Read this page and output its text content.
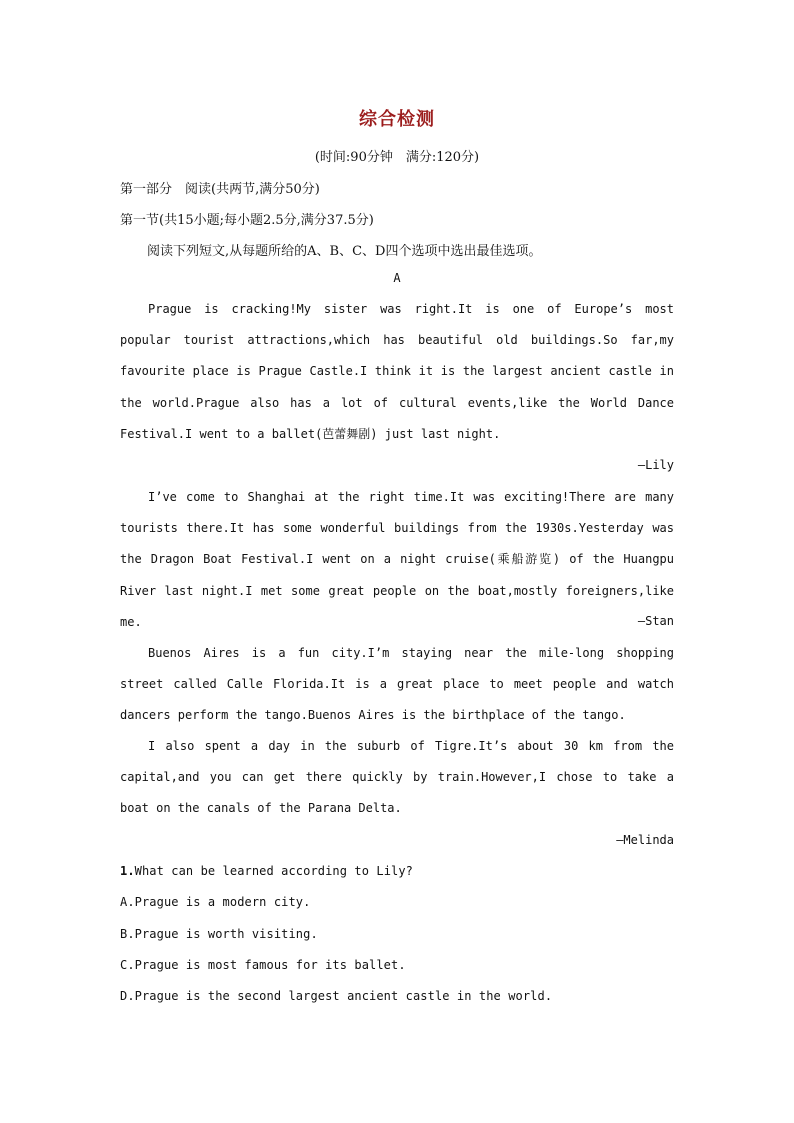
综合检测
(时间:90分钟　满分:120分)
第一部分　阅读(共两节,满分50分)
第一节(共15小题;每小题2.5分,满分37.5分)
阅读下列短文,从每题所给的A、B、C、D四个选项中选出最佳选项。
A

Prague is cracking!My sister was right.It is one of Europe’s most popular tourist attractions,which has beautiful old buildings.So far,my favourite place is Prague Castle.I think it is the largest ancient castle in the world.Prague also has a lot of cultural events,like the World Dance Festival.I went to a ballet(芭蕾舞剧) just last night.

—Lily

I’ve come to Shanghai at the right time.It was exciting!There are many tourists there.It has some wonderful buildings from the 1930s.Yesterday was the Dragon Boat Festival.I went on a night cruise(乘船游览) of the Huangpu River last night.I met some great people on the boat,mostly foreigners,like me.	—Stan

Buenos Aires is a fun city.I’m staying near the mile-long shopping street called Calle Florida.It is a great place to meet people and watch dancers perform the tango.Buenos Aires is the birthplace of the tango.

I also spent a day in the suburb of Tigre.It’s about 30 km from the capital,and you can get there quickly by train.However,I chose to take a boat on the canals of the Parana Delta.

—Melinda
1.What can be learned according to Lily?
A.Prague is a modern city.
B.Prague is worth visiting.
C.Prague is most famous for its ballet.
D.Prague is the second largest ancient castle in the world.
